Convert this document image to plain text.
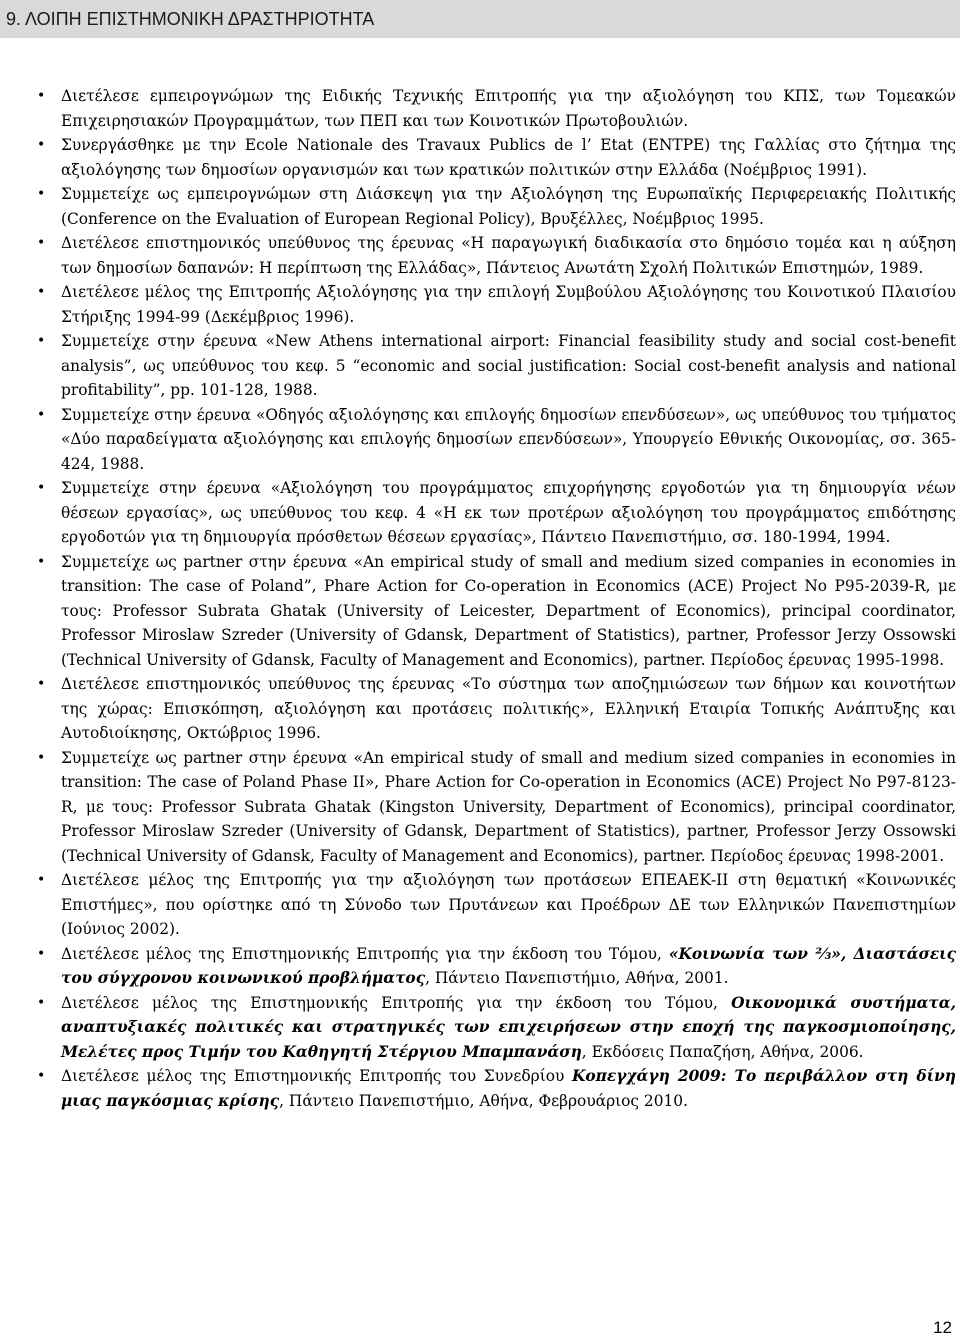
9. ΛΟΙΠΗ ΕΠΙΣΤΗΜΟΝΙΚΗ ΔΡΑΣΤΗΡΙΟΤΗΤΑ
• Διετέλεσε εμπειρογνώμων της Ειδικής Τεχνικής Επιτροπής για την αξιολόγηση του ΚΠΣ, των Τομεακών Επιχειρησιακών Προγραμμάτων, των ΠΕΠ και των Κοινοτικών Πρωτοβουλιών.
• Συνεργάσθηκε με την Ecole Nationale des Travaux Publics de l’ Etat (ENTPE) της Γαλλίας στο ζήτημα της αξιολόγησης των δημοσίων οργανισμών και των κρατικών πολιτικών στην Ελλάδα (Νοέμβριος 1991).
• Συμμετείχε ως εμπειρογνώμων στη Διάσκεψη για την Αξιολόγηση της Ευρωπαϊκής Περιφερειακής Πολιτικής (Conference on the Evaluation of European Regional Policy), Βρυξέλλες, Νοέμβριος 1995.
• Διετέλεσε επιστημονικός υπεύθυνος της έρευνας «Η παραγωγική διαδικασία στο δημόσιο τομέα και η αύξηση των δημοσίων δαπανών: Η περίπτωση της Ελλάδας», Πάντειος Ανωτάτη Σχολή Πολιτικών Επιστημών, 1989.
• Διετέλεσε μέλος της Επιτροπής Αξιολόγησης για την επιλογή Συμβούλου Αξιολόγησης του Κοινοτικού Πλαισίου Στήριξης 1994-99 (Δεκέμβριος 1996).
• Συμμετείχε στην έρευνα «New Athens international airport: Financial feasibility study and social cost-benefit analysis”, ως υπεύθυνος του κεφ. 5 “economic and social justification: Social cost-benefit analysis and national profitability”, pp. 101-128, 1988.
• Συμμετείχε στην έρευνα «Οδηγός αξιολόγησης και επιλογής δημοσίων επενδύσεων», ως υπεύθυνος του τμήματος «Δύο παραδείγματα αξιολόγησης και επιλογής δημοσίων επενδύσεων», Υπουργείο Εθνικής Οικονομίας, σσ. 365-424, 1988.
• Συμμετείχε στην έρευνα «Αξιολόγηση του προγράμματος επιχορήγησης εργοδοτών για τη δημιουργία νέων θέσεων εργασίας», ως υπεύθυνος του κεφ. 4 «Η εκ των προτέρων αξιολόγηση του προγράμματος επιδότησης εργοδοτών για τη δημιουργία πρόσθετων θέσεων εργασίας», Πάντειο Πανεπιστήμιο, σσ. 180-1994, 1994.
• Συμμετείχε ως partner στην έρευνα «An empirical study of small and medium sized companies in economies in transition: The case of Poland”, Phare Action for Co-operation in Economics (ACE) Project No P95-2039-R, με τους: Professor Subrata Ghatak (University of Leicester, Department of Economics), principal coordinator, Professor Miroslaw Szreder (University of Gdansk, Department of Statistics), partner, Professor Jerzy Ossowski (Technical University of Gdansk, Faculty of Management and Economics), partner. Περίοδος έρευνας 1995-1998.
• Διετέλεσε επιστημονικός υπεύθυνος της έρευνας «Το σύστημα των αποζημιώσεων των δήμων και κοινοτήτων της χώρας: Επισκόπηση, αξιολόγηση και προτάσεις πολιτικής», Ελληνική Εταιρία Τοπικής Ανάπτυξης και Αυτοδιοίκησης, Οκτώβριος 1996.
• Συμμετείχε ως partner στην έρευνα «An empirical study of small and medium sized companies in economies in transition: The case of Poland Phase II», Phare Action for Co-operation in Economics (ACE) Project No P97-8123-R, με τους: Professor Subrata Ghatak (Kingston University, Department of Economics), principal coordinator, Professor Miroslaw Szreder (University of Gdansk, Department of Statistics), partner, Professor Jerzy Ossowski (Technical University of Gdansk, Faculty of Management and Economics), partner. Περίοδος έρευνας 1998-2001.
• Διετέλεσε μέλος της Επιτροπής για την αξιολόγηση των προτάσεων ΕΠΕΑΕΚ-ΙΙ στη θεματική «Κοινωνικές Επιστήμες», που ορίστηκε από τη Σύνοδο των Πρυτάνεων και Προέδρων ΔΕ των Ελληνικών Πανεπιστημίων (Ιούνιος 2002).
• Διετέλεσε μέλος της Επιστημονικής Επιτροπής για την έκδοση του Τόμου, «Κοινωνία των ⅔», Διαστάσεις του σύγχρονου κοινωνικού προβλήματος, Πάντειο Πανεπιστήμιο, Αθήνα, 2001.
• Διετέλεσε μέλος της Επιστημονικής Επιτροπής για την έκδοση του Τόμου, Οικονομικά συστήματα, αναπτυξιακές πολιτικές και στρατηγικές των επιχειρήσεων στην εποχή της παγκοσμιοποίησης, Μελέτες προς Τιμήν του Καθηγητή Στέργιου Μπαμπανάση, Εκδόσεις Παπαζήση, Αθήνα, 2006.
• Διετέλεσε μέλος της Επιστημονικής Επιτροπής του Συνεδρίου Κοπεγχάγη 2009: Το περιβάλλον στη δίνη μιας παγκόσμιας κρίσης, Πάντειο Πανεπιστήμιο, Αθήνα, Φεβρουάριος 2010.
12
